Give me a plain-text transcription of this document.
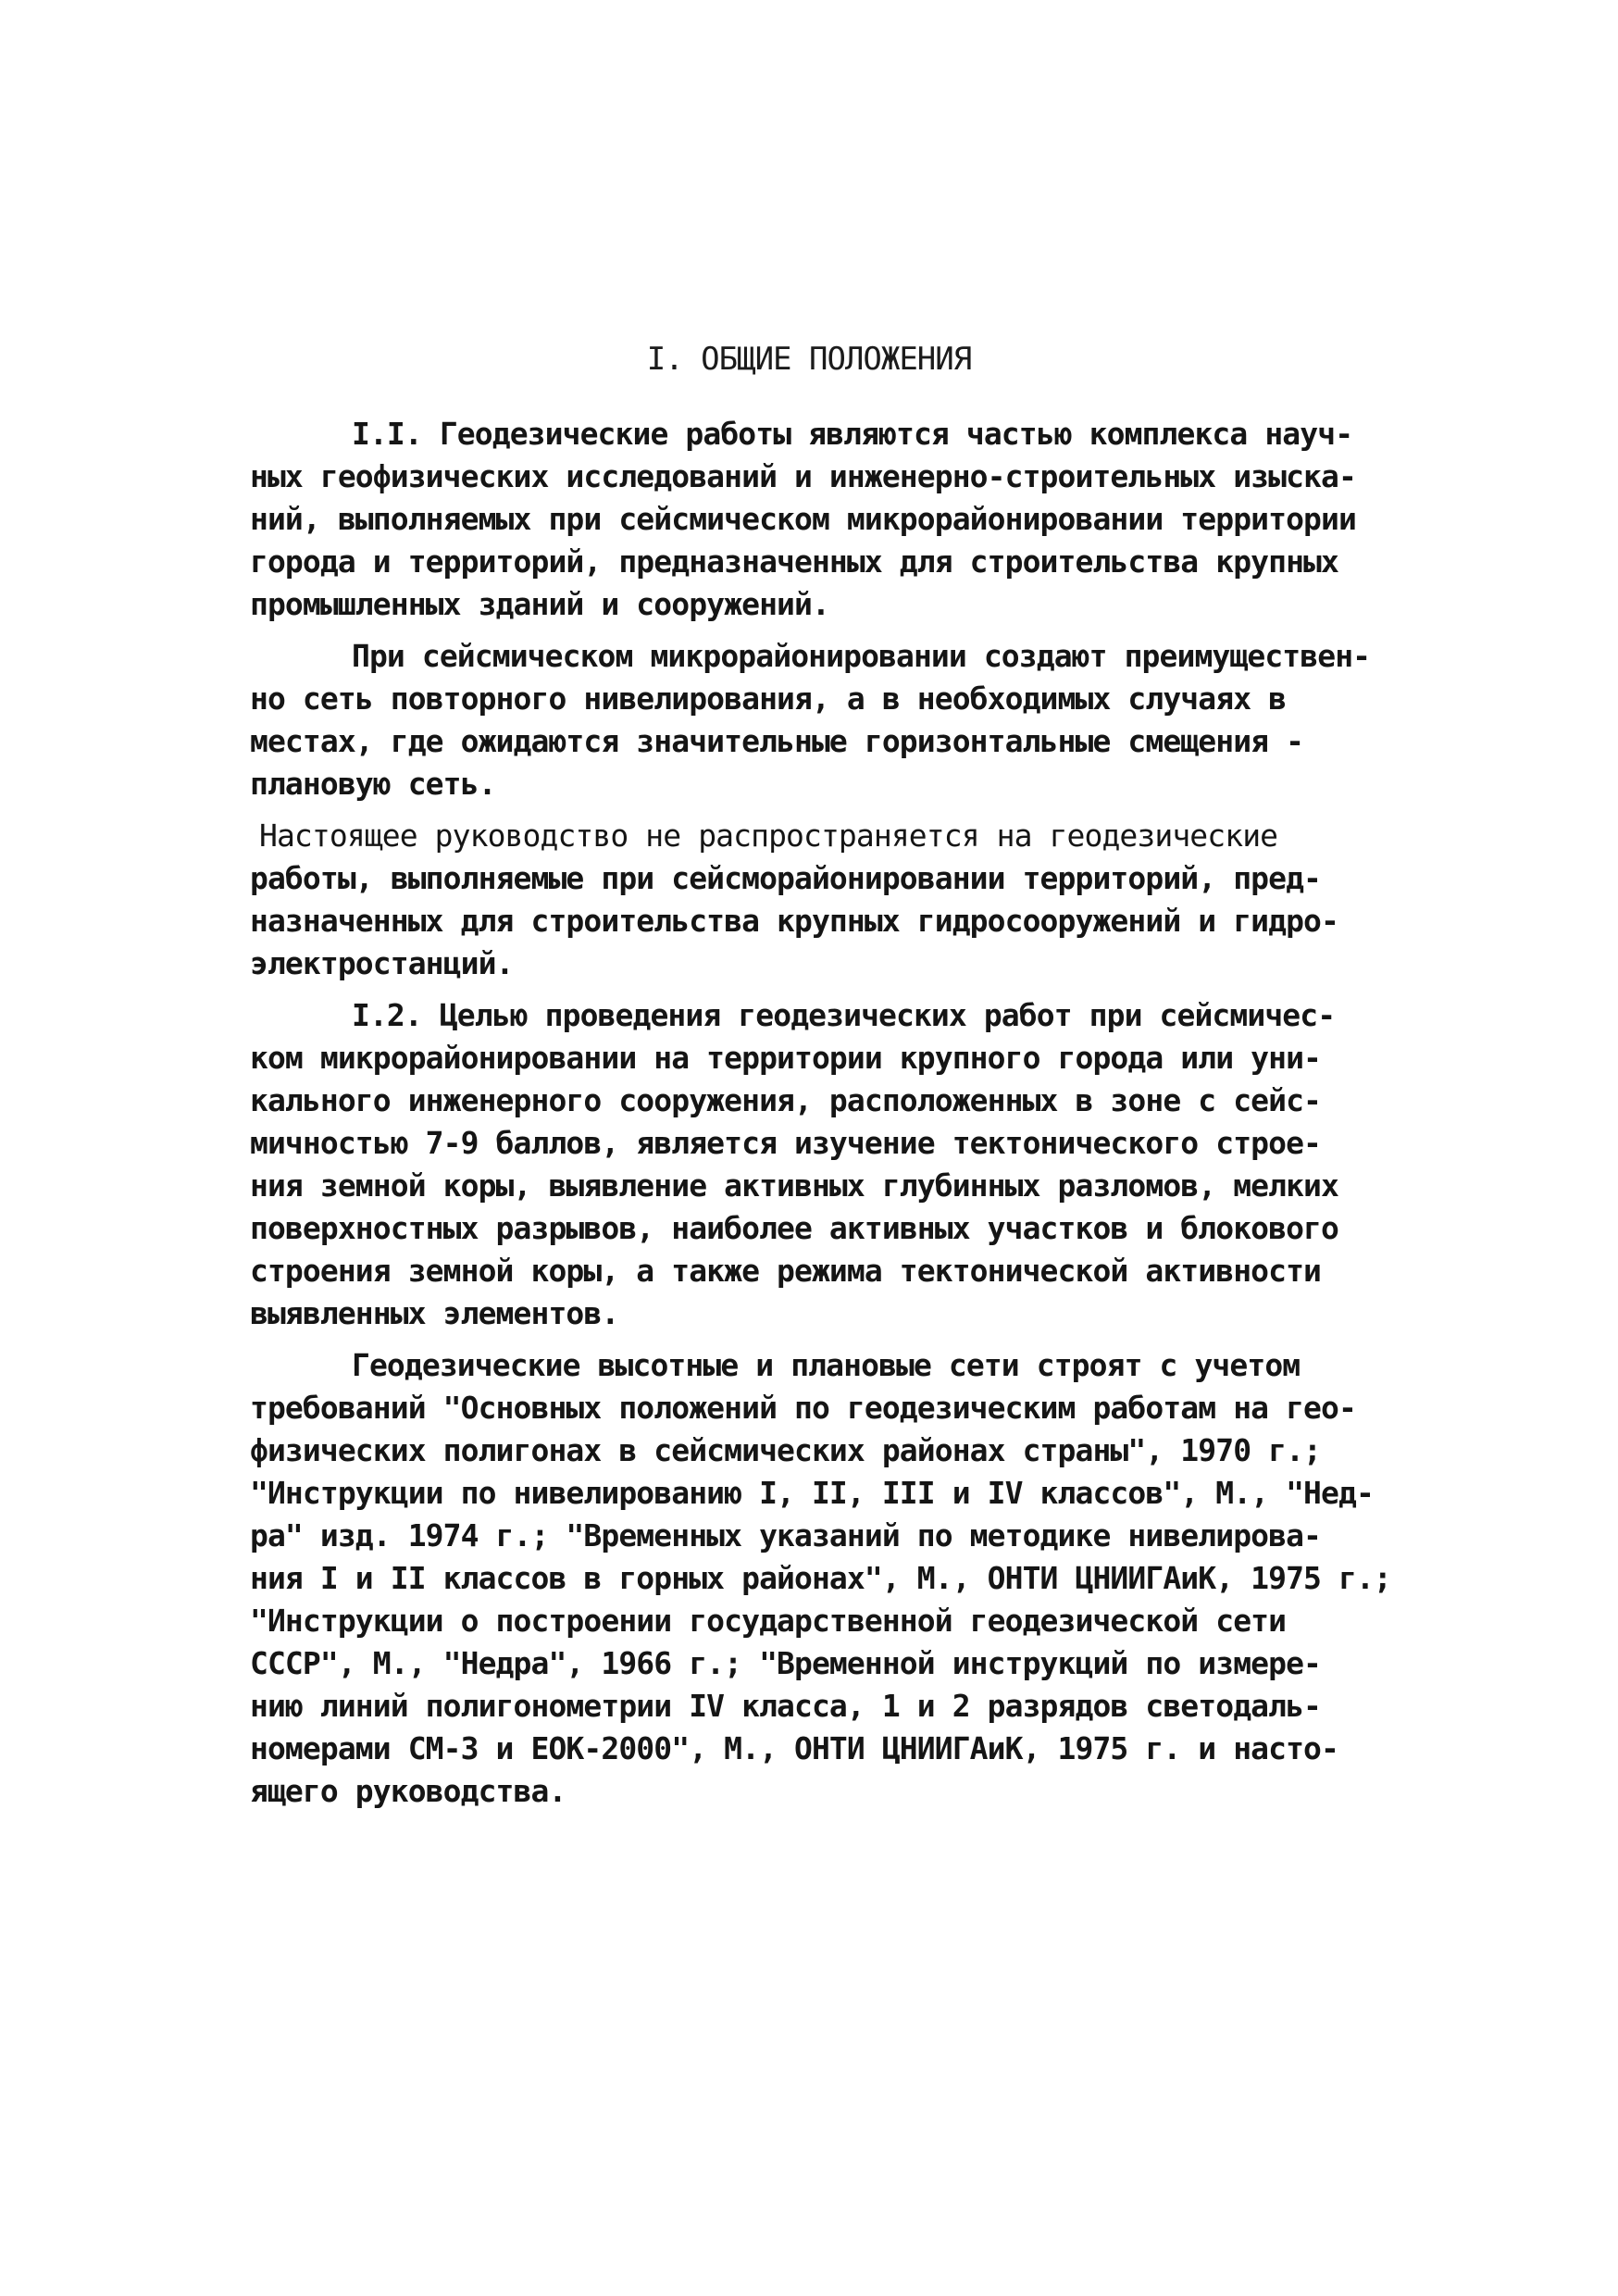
I. ОБЩИЕ ПОЛОЖЕНИЯ
I.I. Геодезические работы являются частью комплекса науч-
ных геофизических исследований и инженерно-строительных изыска-
ний, выполняемых при сейсмическом микрорайонировании территории
города и территорий, предназначенных для строительства крупных
промышленных зданий и сооружений.
При сейсмическом микрорайонировании создают преимуществен-
но сеть повторного нивелирования, а в необходимых случаях в
местах, где ожидаются значительные горизонтальные смещения -
плановую сеть.
Настоящее руководство не распространяется на геодезические
работы, выполняемые при сейсморайонировании территорий, пред-
назначенных для строительства крупных гидросооружений и гидро-
электростанций.
I.2. Целью проведения геодезических работ при сейсмичес-
ком микрорайонировании на территории крупного города или уни-
кального инженерного сооружения, расположенных в зоне с сейс-
мичностью 7-9 баллов, является изучение тектонического строе-
ния земной коры, выявление активных глубинных разломов, мелких
поверхностных разрывов, наиболее активных участков и блокового
строения земной коры, а также режима тектонической активности
выявленных элементов.
Геодезические высотные и плановые сети строят с учетом
требований "Основных положений по геодезическим работам на гео-
физических полигонах в сейсмических районах страны", 1970 г.;
"Инструкции по нивелированию I, II, III и IV классов", М., "Нед-
ра" изд. 1974 г.; "Временных указаний по методике нивелирова-
ния I и II классов в горных районах", М., ОНТИ ЦНИИГАиК, 1975 г.;
"Инструкции о построении государственной геодезической сети
СССР", М., "Недра", 1966 г.; "Временной инструкций по измере-
нию линий полигонометрии IV класса, 1 и 2 разрядов светодаль-
номерами СМ-3 и ЕОК-2000", М., ОНТИ ЦНИИГАиК, 1975 г. и насто-
ящего руководства.
